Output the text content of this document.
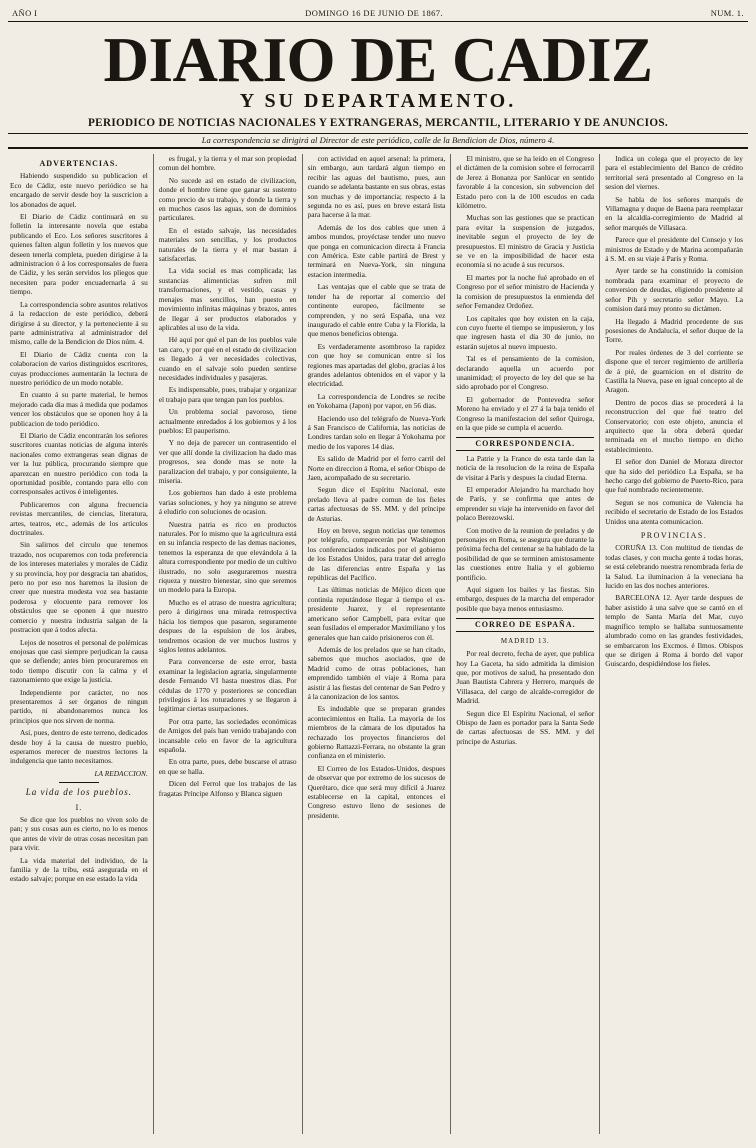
AÑO I	DOMINGO 16 DE JUNIO DE 1867.	NUM. 1.
DIARIO DE CADIZ
Y SU DEPARTAMENTO.
PERIODICO DE NOTICIAS NACIONALES Y EXTRANGERAS, MERCANTIL, LITERARIO Y DE ANUNCIOS.
La correspondencia se dirigirá al Director de este periódico, calle de la Bendicion de Dios, número 4.
ADVERTENCIAS.

Habiendo suspendido su publicacion el Eco de Cádiz, este nuevo periódico se ha encargado de servir desde hoy la suscricion a los abonados de aquel.

El Diario de Cádiz continuará en su folletin la interesante novela que estaba publicando el Eco. Los señores suscritores á quienes falten algun folletin y los nuevos que deseen tenerla completa, pueden dirigirse á la administracion ó á los corresponsales de fuera de Cádiz, y les serán servidos los pliegos que necesiten para poder encuadernarla á su tiempo.

La correspondencia sobre asuntos relativos á la redaccion de este periódico, deberá dirigirse á su director, y la perteneciente á su parte administrativa al administrador del mismo, calle de la Bendicion de Dios núm. 4.

El Diario de Cádiz cuenta con la colaboracion de varios distinguidos escritores, cuyas producciones aumentarán la lectura de nuestro periódico de un modo notable.

En cuanto á su parte material, le hemos mejorado cada dia mas á medida que podamos vencer los obstáculos que se oponen hoy á la publicacion de todo periódico.

El Diario de Cádiz encontrarán los señores suscritores cuantas noticias de alguna interés nacionales como extrangeras sean dignas de ver la luz pública, procurando siempre que aparezcan en nuestro periódico con toda la oportunidad posible, contando para ello con corresponsales activos é inteligentes.

Publicaremos con alguna frecuencia revistas mercantiles, de ciencias, literatura, artes, teatros, etc., además de los artículos doctrinales.

Sin salirnos del circulo que tenemos trazado, nos ocuparemos con toda preferencia de los intereses materiales y morales de Cádiz y su provincia, hoy por desgracia tan abatidos, pero no por eso nos haremos la ilusion de creer que nuestra modesta voz sea bastante poderosa y elocuente para remover los obstáculos que se oponen á que nuestro comercio y nuestra industria salgan de la postracion que á todos afecta.

Lejos de nosotros el personal de polémicas enojosas que casi siempre perjudican la causa que se defiende; antes bien procuraremos en todo tiempo discutir con la calma y el razonamiento que exige la justicia.

Independiente por carácter, no nos presentaremos á ser órganos de ningun partido, ni abandonaremos nunca los principios que nos sirven de norma.

Así, pues, dentro de este terreno, dedicados desde hoy á la causa de nuestro pueblo, esperamos merecer de nuestros lectores la indulgencia que tanto necesitamos.

LA REDACCION.
La vida de los pueblos.
I.

Se dice que los pueblos no viven solo de pan; y sus cosas aun es cierto, no lo es menos que antes de vivir de otras cosas necesitan pan para vivir.

La vida material del individuo, de la familia y de la tribu, está asegurada en el estado salvaje; porque en ese estado la vida

es frugal, y la tierra y el mar son propiedad comun del hombre.

No sucede así en estado de civilizacion, donde el hombre tiene que ganar su sustento como precio de su trabajo, y donde la tierra y en muchos casos las aguas, son de dominios particulares.

En el estado salvaje, las necesidades materiales son sencillas, y los productos naturales de la tierra y el mar bastan á satisfacerlas.

La vida social es mas complicada; las sustancias alimenticias sufren mil transformaciones, y el vestido, casas y menajes mas sencillos, han puesto en movimiento infinitas máquinas y brazos, antes de llegar á ser productos elaborados y aplicables al uso de la vida.

Hé aquí por qué el pan de los pueblos vale tan caro, y por qué en el estado de civilizacion es llegado á ver necesidades colectivas, cuando en el salvaje solo pueden sentirse necesidades individuales y pasajeras.

Es indispensable, pues, trabajar y organizar el trabajo para que tengan pan los pueblos.

Un problema social pavoroso, tiene actualmente enredados á los gobiernos y á los pueblos: El pauperismo.

Y no deja de parecer un contrasentido el ver que allí donde la civilizacion ha dado mas progresos, sea donde mas se note la paralizacion del trabajo, y por consiguiente, la miseria.

Los gobiernos han dado á este problema varias soluciones, y hoy ya ninguno se atreve á eludirlo con soluciones de ocasion.

Nuestra patria es rico en productos naturales. Por lo mismo que la agricultura está en su infancia respecto de las demas naciones, tenemos la esperanza de que elevándola á la altura correspondiente por medio de un cultivo ilustrado, no solo aseguraremos nuestra riqueza y nuestro bienestar, sino que seremos un modelo para la Europa.

Mucho es el atraso de nuestra agricultura; pero á dirigirnos una mirada retrospectiva hácia los tiempos que pasaron, seguramente despues de la espulsion de los árabes, tendremos ocasion de ver muchos lustros y siglos lentos adelantos.

Para convencerse de este error, basta examinar la legislacion agraria, singularmente desde Fernando VI hasta nuestros dias. Por cédulas de 1770 y posteriores se concedian privilegios á los roturadores y se llegaron á legitimar ciertas usurpaciones.

Por otra parte, las sociedades económicas de Amigos del país han venido trabajando con incansable celo en favor de la agricultura española.

En otra parte, pues, debe buscarse el atraso en que se halla.

Dicen del Ferrol que los trabajos de las fragatas Príncipe Alfonso y Blanca siguen

con actividad en aquel arsenal: la primera, sin embargo, aun tardará algun tiempo en recibir las aguas del bautismo, pues, aun cuando se adelanta bastante en sus obras, estas son muchas y de importancia; respecto á la segunda no es así, pues en breve estará lista para hacerse á la mar.

Además de los dos cables que unen á ambos mundos, proyéctase tender uno nuevo que ponga en comunicacion directa á Francia con América. Este cable partirá de Brest y terminará en Nueva-York, sin ninguna estacion intermedia.

Las ventajas que el cable que se trata de tender ha de reportar al comercio del continente europeo, fácilmente se comprenden, y no será España, una vez inaugurado el cable entre Cuba y la Florida, la que menos beneficios obtenga.

Es verdaderamente asombroso la rapidez con que hoy se comunican entre sí los regiones mas apartadas del globo, gracias á los grandes adelantos obtenidos en el vapor y la electricidad.

La correspondencia de Londres se recibe en Yokohama (Japon) por vapor, en 56 dias.

Haciendo uso del telégrafo de Nueva-York á San Francisco de California, las noticias de Londres tardan solo en llegar á Yokohama por medio de los vapores 14 dias.

Es salido de Madrid por el ferro carril del Norte en direccion á Roma, el señor Obispo de Jaen, acompañado de su secretario.

Segun dice el Espíritu Nacional, este prelado lleva al padre comun de los fieles cartas afectuosas de SS. MM. y del príncipe de Asturias.

Hoy en breve, segun noticias que tenemos por telégrafo, comparecerán por Washington los conferenciados indicados por el gobierno de los Estados Unidos, para tratar del arreglo de las diferencias entre España y las repúblicas del Pacífico.

Las últimas noticias de Méjico dicen que continúa reputándose llegar á tiempo el ex-presidente Juarez, y el representante americano señor Campbell, para evitar que sean fusilados el emperador Maximiliano y los generales que han caido prisioneros con él.

Además de los prelados que se han citado, sabemos que muchos asociados, que de Madrid como de otras poblaciones, han emprendido también el viaje á Roma para asistir á las fiestas del centenar de San Pedro y á la canonizacion de los santos.

Es indudable que se preparan grandes acontecimientos en Italia. La mayoría de los miembros de la cámara de los diputados ha rechazado los proyectos financieros del gobierno Rattazzi-Ferrara, no obstante la gran confianza en el ministerio.

El Correo de los Estados-Unidos, despues de observar que por extremo de los sucesos de Querétaro, dice que será muy difícil á Juarez establecerse en la capital, entonces el Congreso estuvo lleno de sesiones de presidente.

El ministro, que se ha leido en el Congreso el dictámen de la comision sobre el ferrocarril de Jerez á Bonanza por Sanlúcar en sentido favorable á la concesion, sin subvencion del Estado pero con la de 100 escudos en cada kilómetro.

Muchas son las gestiones que se practican para evitar la suspension de juzgados, inevitable segun el proyecto de ley de presupuestos. El ministro de Gracia y Justicia se ve en la imposibilidad de hacer esta economía si no acude á sus recursos.

El martes por la noche fué aprobado en el Congreso por el señor ministro de Hacienda y la comision de presupuestos la enmienda del señor Fernandez Ordoñez.

Los capitales que hoy existen en la caja, con cuyo fuerte el tiempo se impusieron, y los que ingresen hasta el dia 30 de junio, no estarán sujetos al nuevo impuesto.

Tal es el pensamiento de la comision, declarando aquella un acuerdo por unanimidad; el proyecto de ley del que se ha sido aprobado por el Congreso.

El gobernador de Pontevedra señor Moreno ha enviado y el 27 á la baja tenido el Congreso la manifestacion del señor Quiroga, en la que pide se cumpla el acuerdo.

CORRESPONDENCIA.

La Patrie y la France de esta tarde dan la noticia de la resolucion de la reina de España de visitar á París y despues la ciudad Eterna.

El emperador Alejandro ha marchado hoy de París, y se confirma que antes de emprender su viaje ha intervenido en favor del polaco Berezowski.

Con motivo de la reunion de prelados y de personajes en Roma, se asegura que durante la próxima fecha del centenar se ha hablado de la posibilidad de que se terminen amistosamente las cuestiones entre Italia y el gobierno pontificio.

Aquí siguen los bailes y las fiestas. Sin embargo, despues de la marcha del emperador posible que baya menos entusiasmo.

CORREO DE ESPAÑA.
MADRID 13.

Por real decreto, fecha de ayer, que publica hoy La Gaceta, ha sido admitida la dimision que, por motivos de salud, ha presentado don Juan Bautista Cabrera y Herrero, marqués de Villasaca, del cargo de alcalde-corregidor de Madrid.

Segun dice El Espíritu Nacional, el señor Obispo de Jaen es portador para la Santa Sede de cartas afectuosas de SS. MM. y del príncipe de Asturias.

Indica un colega que el proyecto de ley para el establecimiento del Banco de crédito territorial será presentado al Congreso en la sesion del viernes.

Se habla de los señores marqués de Villamagna y duque de Baena para reemplazar en la alcaldía-corregimiento de Madrid al señor marqués de Villasaca.

Parece que el presidente del Consejo y los ministros de Estado y de Marina acompañarán á S. M. en su viaje á París y Roma.

Ayer tarde se ha constituido la comision nombrada para examinar el proyecto de conversion de deudas, eligiendo presidente al señor Pih y secretario señor Mayo. La comision dará muy pronto su dictámen.

Ha llegado á Madrid procedente de sus posesiones de Andalucía, el señor duque de la Torre.

Por reales órdenes de 3 del corriente se dispone que el tercer regimiento de artillería de á pié, de guarnicion en el distrito de Castilla la Nueva, pase en igual concepto al de Aragon.

Dentro de pocos dias se procederá á la reconstruccion del que fué teatro del Conservatorio; con este objeto, anuncia el arquitecto que la obra deberá quedar terminada en el mucho tiempo en dicho establecimiento.

El señor don Daniel de Moraza director que ha sido del periódico La España, se ha hecho cargo del gobierno de Puerto-Rico, para que fué nombrado recientemente.

Segun se nos comunica de Valencia ha recibido el secretario de Estado de los Estados Unidos una atenta comunicacion.

PROVINCIAS.

CORUÑA 13. Con multitud de tiendas de todas clases, y con mucha gente á todas horas, se está celebrando nuestra renombrada feria de la Salud. La iluminacion á la veneciana ha lucido en las dos noches anteriores.

BARCELONA 12. Ayer tarde despues de haber asistido á una salve que se cantó en el templo de Santa María del Mar, cuyo magnífico templo se hallaba suntuosamente alumbrado como en las grandes festividades, se embarcaron los Excmos. é Ilmos. Obispos que se dirigen á Roma á bordo del vapor Guiscardo, despidiéndose los fieles.
